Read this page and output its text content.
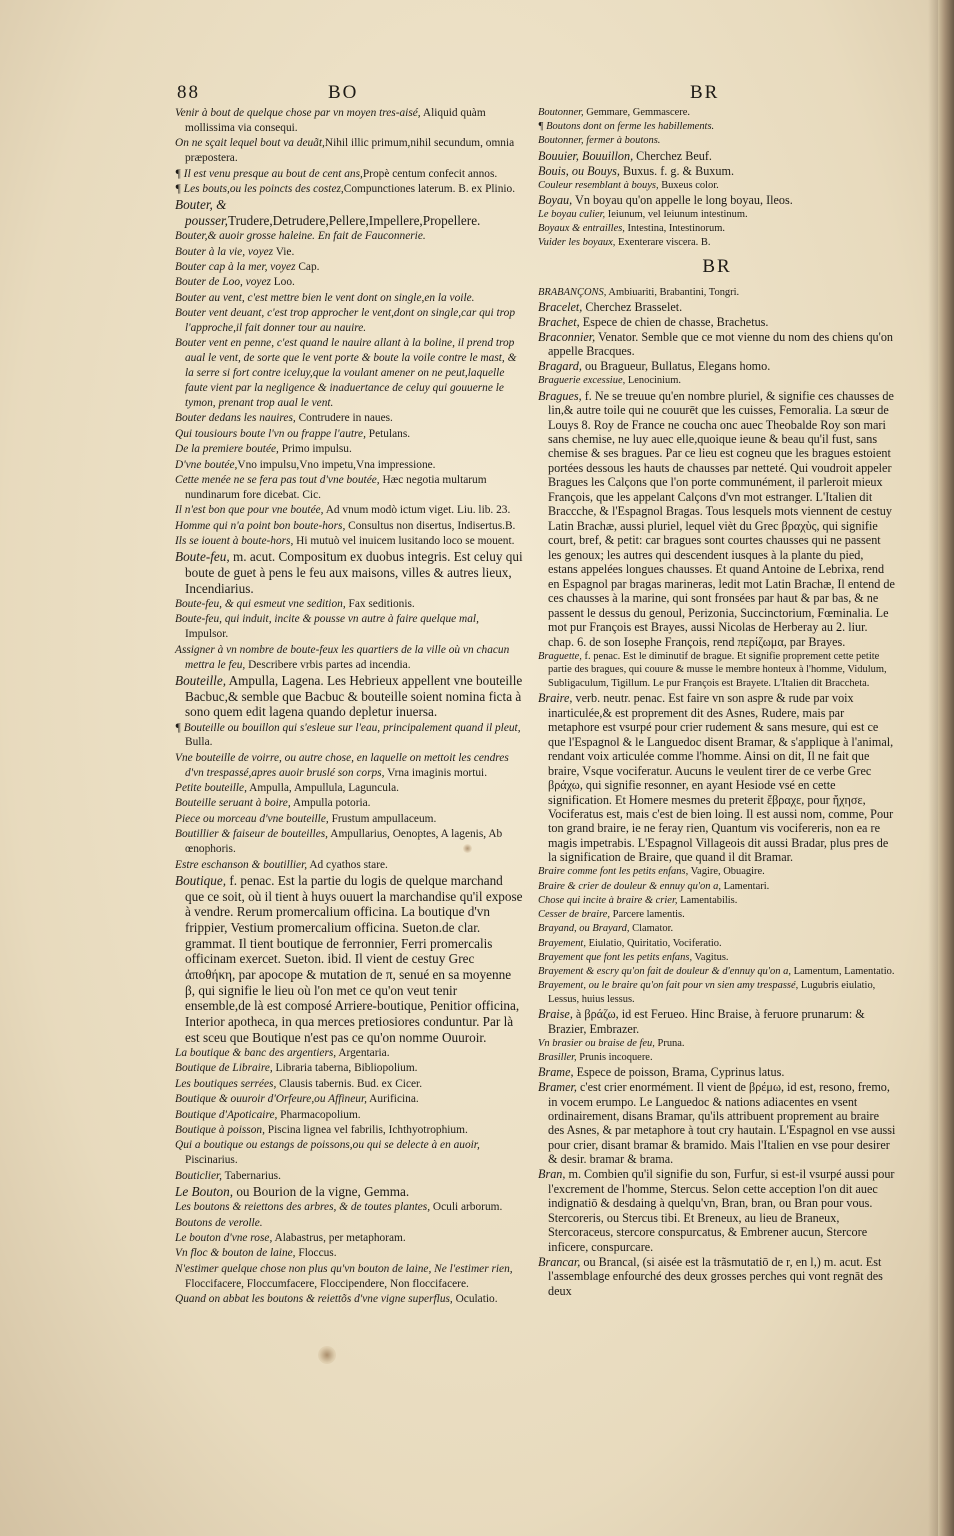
88	BO	BR

Venir à bout de quelque chose par vn moyen tres-aisé, Aliquid quàm mollissima via consequi.

On ne sçait lequel bout va deuãt,Nihil illic primum,nihil secundum, omnia præpostera.

¶ Il est venu presque au bout de cent ans,Propè centum confecit annos.

¶ Les bouts,ou les poincts des costez,Compunctiones laterum. B. ex Plinio.

Bouter, & pousser,Trudere,Detrudere,Pellere,Impellere,Propellere.

Bouter,& auoir grosse haleine. En fait de Fauconnerie.

Bouter à la vie, voyez Vie.

Bouter cap à la mer, voyez Cap.

Bouter de Loo, voyez Loo.

Bouter au vent, c'est mettre bien le vent dont on single,en la voile.

Bouter vent deuant, c'est trop approcher le vent,dont on single,car qui trop l'approche,il fait donner tour au nauire.

Bouter vent en penne, c'est quand le nauire allant à la boline, il prend trop aual le vent, de sorte que le vent porte & boute la voile contre le mast, & la serre si fort contre iceluy,que la voulant amener on ne peut,laquelle faute vient par la negligence & inaduertance de celuy qui gouuerne le tymon, prenant trop aual le vent.

Bouter dedans les nauires, Contrudere in naues.

Qui tousiours boute l'vn ou frappe l'autre, Petulans.

De la premiere boutée, Primo impulsu.

D'vne boutée,Vno impulsu,Vno impetu,Vna impressione.

Cette menée ne se fera pas tout d'vne boutée, Hæc negotia multarum nundinarum fore dicebat. Cic.

Il n'est bon que pour vne boutée, Ad vnum modò ictum viget. Liu. lib. 23.

Homme qui n'a point bon boute-hors, Consultus non disertus, Indisertus.B.

Ils se iouent à boute-hors, Hi mutuò vel inuicem lusitando loco se mouent.

Boute-feu, m. acut. Compositum ex duobus integris. Est celuy qui boute de guet à pens le feu aux maisons, villes & autres lieux, Incendiarius.

Boute-feu, & qui esmeut vne sedition, Fax seditionis.

Boute-feu, qui induit, incite & pousse vn autre à faire quelque mal, Impulsor.

Assigner à vn nombre de boute-feux les quartiers de la ville où vn chacun mettra le feu, Describere vrbis partes ad incendia.

Bouteille, Ampulla, Lagena. Les Hebrieux appellent vne bouteille Bacbuc,& semble que Bacbuc & bouteille soient nomina ficta à sono quem edit lagena quando depletur inuersa.

¶ Bouteille ou bouillon qui s'esleue sur l'eau, principalement quand il pleut, Bulla.

Vne bouteille de voirre, ou autre chose, en laquelle on mettoit les cendres d'vn trespassé,apres auoir bruslé son corps, Vrna imaginis mortui.

Petite bouteille, Ampulla, Ampullula, Laguncula.

Bouteille seruant à boire, Ampulla potoria.

Piece ou morceau d'vne bouteille, Frustum ampullaceum.

Boutillier & faiseur de bouteilles, Ampullarius, Oenoptes, A lagenis, Ab œnophoris.

Estre eschanson & boutillier, Ad cyathos stare.

Boutique, f. penac. Est la partie du logis de quelque marchand que ce soit, où il tient à huys ouuert la marchandise qu'il expose à vendre. Rerum promercalium officina. La boutique d'vn frippier, Vestium promercalium officina. Sueton.de clar. grammat. Il tient boutique de ferronnier, Ferri promercalis officinam exercet. Sueton. ibid. Il vient de cestuy Grec ἀποθήκη, par apocope & mutation de π, senué en sa moyenne β, qui signifie le lieu où l'on met ce qu'on veut tenir ensemble,de là est composé Arriere-boutique, Penitior officina, Interior apotheca, in qua merces pretiosiores conduntur. Par là est sceu que Boutique n'est pas ce qu'on nomme Ouuroir.

La boutique & banc des argentiers, Argentaria.

Boutique de Libraire, Libraria taberna, Bibliopolium.

Les boutiques serrées, Clausis tabernis. Bud. ex Cicer.

Boutique & ouuroir d'Orfeure,ou Affineur, Aurificina.

Boutique d'Apoticaire, Pharmacopolium.

Boutique à poisson, Piscina lignea vel fabrilis, Ichthyotrophium.

Qui a boutique ou estangs de poissons,ou qui se delecte à en auoir, Piscinarius.

Bouticlier, Tabernarius.

Le Bouton, ou Bourion de la vigne, Gemma.

Les boutons & reiettons des arbres, & de toutes plantes, Oculi arborum.

Boutons de verolle.

Le bouton d'vne rose, Alabastrus, per metaphoram.

Vn floc & bouton de laine, Floccus.

N'estimer quelque chose non plus qu'vn bouton de laine, Ne l'estimer rien, Floccifacere, Floccumfacere, Floccipendere, Non floccifacere.

Quand on abbat les boutons & reiettõs d'vne vigne superflus, Oculatio.

Boutonner, Gemmare, Gemmascere.

¶ Boutons dont on ferme les habillements.

Boutonner, fermer à boutons.

Bouuier, Bouuillon, Cherchez Beuf.

Bouis, ou Bouys, Buxus. f. g. & Buxum.

Couleur resemblant à bouys, Buxeus color.

Boyau, Vn boyau qu'on appelle le long boyau, Ileos.

Le boyau culier, Ieiunum, vel Ieiunum intestinum.

Boyaux & entrailles, Intestina, Intestinorum.

Vuider les boyaux, Exenterare viscera. B.

BR

BRABANÇONS, Ambiuariti, Brabantini, Tongri.

Bracelet, Cherchez Brasselet.

Brachet, Espece de chien de chasse, Brachetus.

Braconnier, Venator. Semble que ce mot vienne du nom des chiens qu'on appelle Bracques.

Bragard, ou Bragueur, Bullatus, Elegans homo.

Braguerie excessiue, Lenocinium.

Bragues, f. Ne se treuue qu'en nombre pluriel, & signifie ces chausses de lin,& autre toile qui ne couurēt que les cuisses, Femoralia. La sœur de Louys 8. Roy de France ne coucha onc auec Theobalde Roy son mari sans chemise, ne luy auec elle,quoique ieune & beau qu'il fust, sans chemise & ses bragues. Par ce lieu est cogneu que les bragues estoient portées dessous les hauts de chausses par netteté. Qui voudroit appeler Bragues les Calçons que l'on porte communément, il parleroit mieux François, que les appelant Calçons d'vn mot estranger. L'Italien dit Braccche, & l'Espagnol Bragas. Tous lesquels mots viennent de cestuy Latin Brachæ, aussi pluriel, lequel vièt du Grec βραχὺς, qui signifie court, bref, & petit: car bragues sont courtes chausses qui ne passent les genoux; les autres qui descendent iusques à la plante du pied, estans appelées longues chausses. Et quand Antoine de Lebrixa, rend en Espagnol par bragas marineras, ledit mot Latin Brachæ, Il entend de ces chausses à la marine, qui sont fronsées par haut & par bas, & ne passent le dessus du genoul, Perizonia, Succinctorium, Fœminalia. Le mot pur François est Brayes, aussi Nicolas de Herberay au 2. liur. chap. 6. de son Iosephe François, rend περίζωμα, par Brayes.

Braguette, f. penac. Est le diminutif de brague. Et signifie proprement cette petite partie des bragues, qui couure & musse le membre honteux à l'homme, Vidulum, Subligaculum, Tigillum. Le pur François est Brayete. L'Italien dit Braccheta.

Braire, verb. neutr. penac. Est faire vn son aspre & rude par voix inarticulée,& est proprement dit des Asnes, Rudere, mais par metaphore est vsurpé pour crier rudement & sans mesure, qui est ce que l'Espagnol & le Languedoc disent Bramar, & s'applique à l'animal, rendant voix articulée comme l'homme. Ainsi on dit, Il ne fait que braire, Vsque vociferatur. Aucuns le veulent tirer de ce verbe Grec βράχω, qui signifie resonner, en ayant Hesiode vsé en cette signification. Et Homere mesmes du preterit ἔβραχε, pour ἤχησε, Vociferatus est, mais c'est de bien loing. Il est aussi nom, comme, Pour ton grand braire, ie ne feray rien, Quantum vis vocifereris, non ea re magis impetrabis. L'Espagnol Villageois dit aussi Bradar, plus pres de la signification de Braire, que quand il dit Bramar.

Braire comme font les petits enfans, Vagire, Obuagire.

Braire & crier de douleur & ennuy qu'on a, Lamentari.

Chose qui incite à braire & crier, Lamentabilis.

Cesser de braire, Parcere lamentis.

Brayand, ou Brayard, Clamator.

Brayement, Eiulatio, Quiritatio, Vociferatio.

Brayement que font les petits enfans, Vagitus.

Brayement & escry qu'on fait de douleur & d'ennuy qu'on a, Lamentum, Lamentatio.

Brayement, ou le braire qu'on fait pour vn sien amy trespassé, Lugubris eiulatio, Lessus, huius lessus.

Braise, à βράζω, id est Ferueo. Hinc Braise, à feruore prunarum: & Brazier, Embrazer.

Vn brasier ou braise de feu, Pruna.

Brasiller, Prunis incoquere.

Brame, Espece de poisson, Brama, Cyprinus latus.

Bramer, c'est crier enormément. Il vient de βρέμω, id est, resono, fremo, in vocem erumpo. Le Languedoc & nations adiacentes en vsent ordinairement, disans Bramar, qu'ils attribuent proprement au braire des Asnes, & par metaphore à tout cry hautain. L'Espagnol en vse aussi pour crier, disant bramar & bramido. Mais l'Italien en vse pour desirer & desir. bramar & brama.

Bran, m. Combien qu'il signifie du son, Furfur, si est-il vsurpé aussi pour l'excrement de l'homme, Stercus. Selon cette acception l'on dit auec indignatiō & desdaing à quelqu'vn, Bran, bran, ou Bran pour vous. Stercoreris, ou Stercus tibi. Et Breneux, au lieu de Braneux, Stercoraceus, stercore conspurcatus, & Embrener aucun, Stercore inficere, conspurcare.

Brancar, ou Brancal, (si aisée est la trãsmutatiō de r, en l,) m. acut. Est l'assemblage enfourché des deux grosses perches qui vont regnāt des deux
